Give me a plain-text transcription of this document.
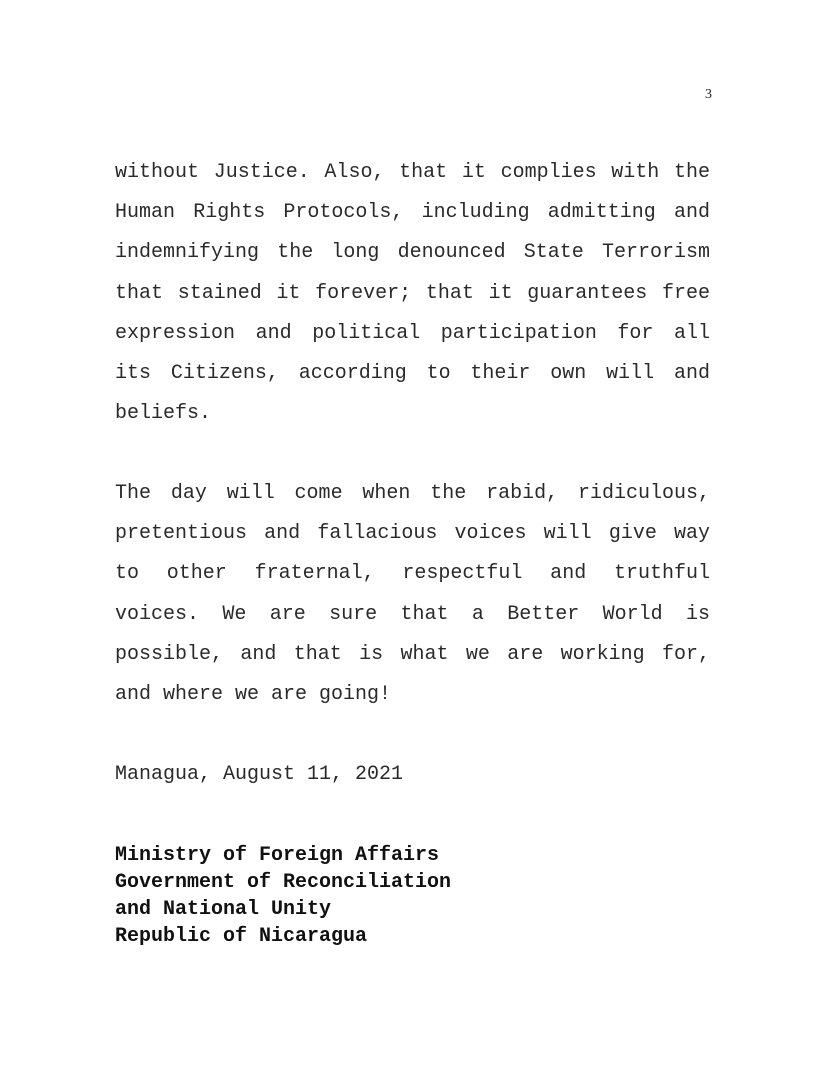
3

without Justice. Also, that it complies with the Human Rights Protocols, including admitting and indemnifying the long denounced State Terrorism that stained it forever; that it guarantees free expression and political participation for all its Citizens, according to their own will and beliefs.

The day will come when the rabid, ridiculous, pretentious and fallacious voices will give way to other fraternal, respectful and truthful voices. We are sure that a Better World is possible, and that is what we are working for, and where we are going!

Managua, August 11, 2021

Ministry of Foreign Affairs
Government of Reconciliation
and National Unity
Republic of Nicaragua
